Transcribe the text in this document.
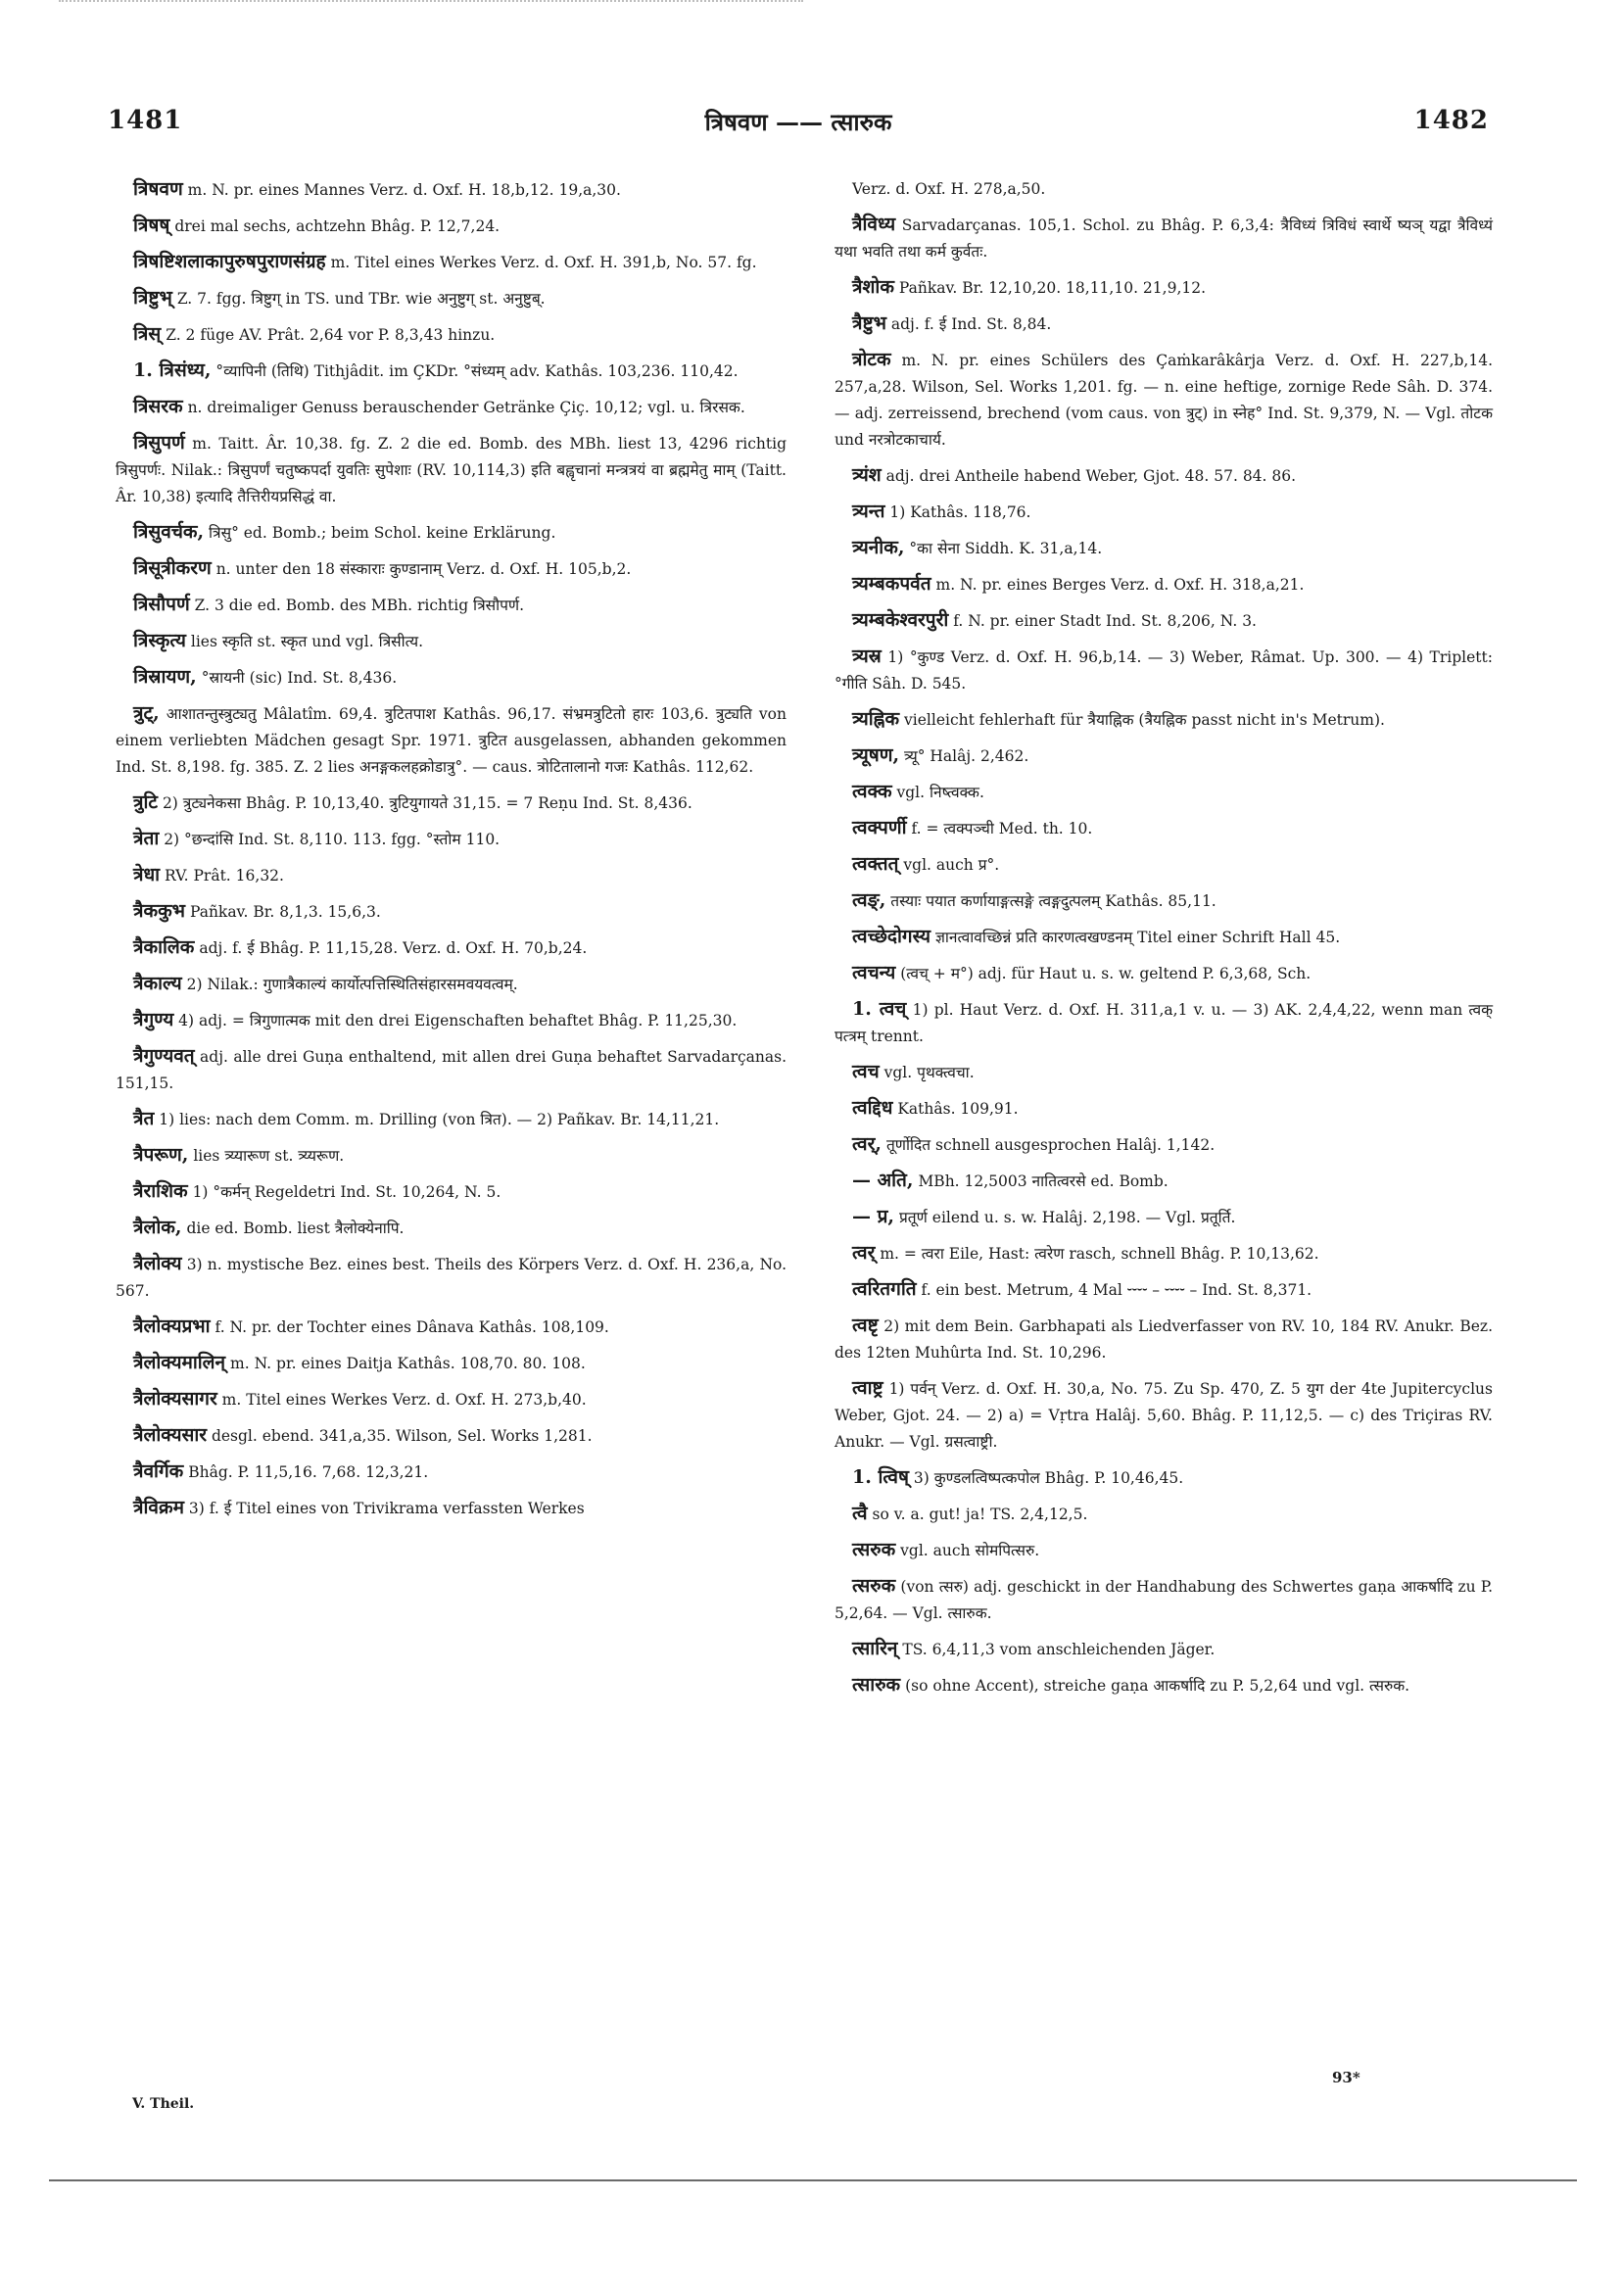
1481	त्रिषवण —— त्सारुक	1482

त्रिषवण m. N. pr. eines Mannes Verz. d. Oxf. H. 18,b,12. 19,a,30.

त्रिषष् drei mal sechs, achtzehn Bhâg. P. 12,7,24.

त्रिषष्टिशलाकापुरुषपुराणसंग्रह m. Titel eines Werkes Verz. d. Oxf. H. 391,b, No. 57. fg.

त्रिष्टुभ् Z. 7. fgg. त्रिष्टुग् in TS. und TBr. wie अनुष्टुग् st. अनुष्टुब्.

त्रिस् Z. 2 füge AV. Prât. 2,64 vor P. 8,3,43 hinzu.

1. त्रिसंध्य, °व्यापिनी (तिथि) Tithjâdit. im ÇKDr. °संध्यम् adv. Kathâs. 103,236. 110,42.

त्रिसरक n. dreimaliger Genuss berauschender Getränke Çiç. 10,12; vgl. u. त्रिरसक.

त्रिसुपर्ण m. Taitt. Âr. 10,38. fg. Z. 2 die ed. Bomb. des MBh. liest 13, 4296 richtig त्रिसुपर्णः. Nilak.: त्रिसुपर्णं चतुष्कपर्दा युवतिः सुपेशाः (RV. 10,114,3) इति बह्वृचानां मन्त्रत्रयं वा ब्रह्ममेतु माम् (Taitt. Âr. 10,38) इत्यादि तैत्तिरीयप्रसिद्धं वा.

त्रिसुवर्चक, त्रिसु° ed. Bomb.; beim Schol. keine Erklärung.

त्रिसूत्रीकरण n. unter den 18 संस्काराः कुण्डानाम् Verz. d. Oxf. H. 105,b,2.

त्रिसौपर्ण Z. 3 die ed. Bomb. des MBh. richtig त्रिसौपर्ण.

त्रिस्कृत्य lies स्कृति st. स्कृत und vgl. त्रिसीत्य.

त्रिस्रायण, °स्रायनी (sic) Ind. St. 8,436.

त्रुट्, आशातन्तुस्त्रुट्यतु Mâlatîm. 69,4. त्रुटितपाश Kathâs. 96,17. संभ्रमत्रुटितो हारः 103,6. त्रुट्यति von einem verliebten Mädchen gesagt Spr. 1971. त्रुटित ausgelassen, abhanden gekommen Ind. St. 8,198. fg. 385. Z. 2 lies अनङ्गकलहक्रोडात्रु°. — caus. त्रोटितालानो गजः Kathâs. 112,62.

त्रुटि 2) त्रुट्यनेकसा Bhâg. P. 10,13,40. त्रुटियुगायते 31,15. = 7 Reṇu Ind. St. 8,436.

त्रेता 2) °छन्दांसि Ind. St. 8,110. 113. fgg. °स्तोम 110.

त्रेधा RV. Prât. 16,32.

त्रैककुभ Pañkav. Br. 8,1,3. 15,6,3.

त्रैकालिक adj. f. ई Bhâg. P. 11,15,28. Verz. d. Oxf. H. 70,b,24.

त्रैकाल्य 2) Nilak.: गुणात्रैकाल्यं कार्योत्पत्तिस्थितिसंहारसमवयवत्वम्.

त्रैगुण्य 4) adj. = त्रिगुणात्मक mit den drei Eigenschaften behaftet Bhâg. P. 11,25,30.

त्रैगुण्यवत् adj. alle drei Guṇa enthaltend, mit allen drei Guṇa behaftet Sarvadarçanas. 151,15.

त्रैत 1) lies: nach dem Comm. m. Drilling (von त्रित). — 2) Pañkav. Br. 14,11,21.

त्रैपरूण, lies त्र्य्यारूण st. त्र्य्यरूण.

त्रैराशिक 1) °कर्मन् Regeldetri Ind. St. 10,264, N. 5.

त्रैलोक, die ed. Bomb. liest त्रैलोक्येनापि.

त्रैलोक्य 3) n. mystische Bez. eines best. Theils des Körpers Verz. d. Oxf. H. 236,a, No. 567.

त्रैलोक्यप्रभा f. N. pr. der Tochter eines Dânava Kathâs. 108,109.

त्रैलोक्यमालिन् m. N. pr. eines Daitja Kathâs. 108,70. 80. 108.

त्रैलोक्यसागर m. Titel eines Werkes Verz. d. Oxf. H. 273,b,40.

त्रैलोक्यसार desgl. ebend. 341,a,35. Wilson, Sel. Works 1,281.

त्रैवर्गिक Bhâg. P. 11,5,16. 7,68. 12,3,21.

त्रैविक्रम 3) f. ई Titel eines von Trivikrama verfassten Werkes

Verz. d. Oxf. H. 278,a,50.

त्रैविध्य Sarvadarçanas. 105,1. Schol. zu Bhâg. P. 6,3,4: त्रैविध्यं त्रिविधं स्वार्थे ष्यञ् यद्वा त्रैविध्यं यथा भवति तथा कर्म कुर्वतः.

त्रैशोक Pañkav. Br. 12,10,20. 18,11,10. 21,9,12.

त्रैष्टुभ adj. f. ई Ind. St. 8,84.

त्रोटक m. N. pr. eines Schülers des Çaṁkarâkârja Verz. d. Oxf. H. 227,b,14. 257,a,28. Wilson, Sel. Works 1,201. fg. — n. eine heftige, zornige Rede Sâh. D. 374. — adj. zerreissend, brechend (vom caus. von त्रुट्) in स्नेह° Ind. St. 9,379, N. — Vgl. तोटक und नरत्रोटकाचार्य.

त्र्यंश adj. drei Antheile habend Weber, Gjot. 48. 57. 84. 86.

त्र्यन्त 1) Kathâs. 118,76.

त्र्यनीक, °का सेना Siddh. K. 31,a,14.

त्र्यम्बकपर्वत m. N. pr. eines Berges Verz. d. Oxf. H. 318,a,21.

त्र्यम्बकेश्वरपुरी f. N. pr. einer Stadt Ind. St. 8,206, N. 3.

त्र्यस्र 1) °कुण्ड Verz. d. Oxf. H. 96,b,14. — 3) Weber, Râmat. Up. 300. — 4) Triplett: °गीति Sâh. D. 545.

त्र्यह्निक vielleicht fehlerhaft für त्रैयाह्निक (त्रैयह्निक passt nicht in's Metrum).

त्र्यूषण, त्र्यू° Halâj. 2,462.

त्वक्क vgl. निष्त्वक्क.

त्वक्पर्णी f. = त्वक्पञ्ची Med. th. 10.

त्वक्तत् vgl. auch प्र°.

त्वङ्, तस्याः पयात कर्णायाङ्गत्सङ्गे त्वङ्गदुत्पलम् Kathâs. 85,11.

त्वच्छेदोगस्य ज्ञानत्वावच्छिन्नं प्रति कारणत्वखण्डनम् Titel einer Schrift Hall 45.

त्वचन्य (त्वच् + म°) adj. für Haut u. s. w. geltend P. 6,3,68, Sch.

1. त्वच् 1) pl. Haut Verz. d. Oxf. H. 311,a,1 v. u. — 3) AK. 2,4,4,22, wenn man त्वक् पत्त्रम् trennt.

त्वच vgl. पृथक्त्वचा.

त्वद्दिध Kathâs. 109,91.

त्वर्, तूर्णोदित schnell ausgesprochen Halâj. 1,142.

— अति, MBh. 12,5003 नातित्वरसे ed. Bomb.

— प्र, प्रतूर्ण eilend u. s. w. Halâj. 2,198. — Vgl. प्रतूर्ति.

त्वर् m. = त्वरा Eile, Hast: त्वरेण rasch, schnell Bhâg. P. 10,13,62.

त्वरितगति f. ein best. Metrum, 4 Mal ⏑⏑⏑⏑ – ⏑⏑⏑⏑ – Ind. St. 8,371.

त्वष्टृ 2) mit dem Bein. Garbhapati als Liedverfasser von RV. 10, 184 RV. Anukr. Bez. des 12ten Muhûrta Ind. St. 10,296.

त्वाष्ट्र 1) पर्वन् Verz. d. Oxf. H. 30,a, No. 75. Zu Sp. 470, Z. 5 युग der 4te Jupitercyclus Weber, Gjot. 24. — 2) a) = Vṛtra Halâj. 5,60. Bhâg. P. 11,12,5. — c) des Triçiras RV. Anukr. — Vgl. ग्रसत्वाष्ट्री.

1. त्विष् 3) कुण्डलत्विष्पत्कपोल Bhâg. P. 10,46,45.

त्वै so v. a. gut! ja! TS. 2,4,12,5.

त्सरुक vgl. auch सोमपित्सरु.

त्सरुक (von त्सरु) adj. geschickt in der Handhabung des Schwertes gaṇa आकर्षादि zu P. 5,2,64. — Vgl. त्सारुक.

त्सारिन् TS. 6,4,11,3 vom anschleichenden Jäger.

त्सारुक (so ohne Accent), streiche gaṇa आकर्षादि zu P. 5,2,64 und vgl. त्सरुक.

V. Theil.
93*
